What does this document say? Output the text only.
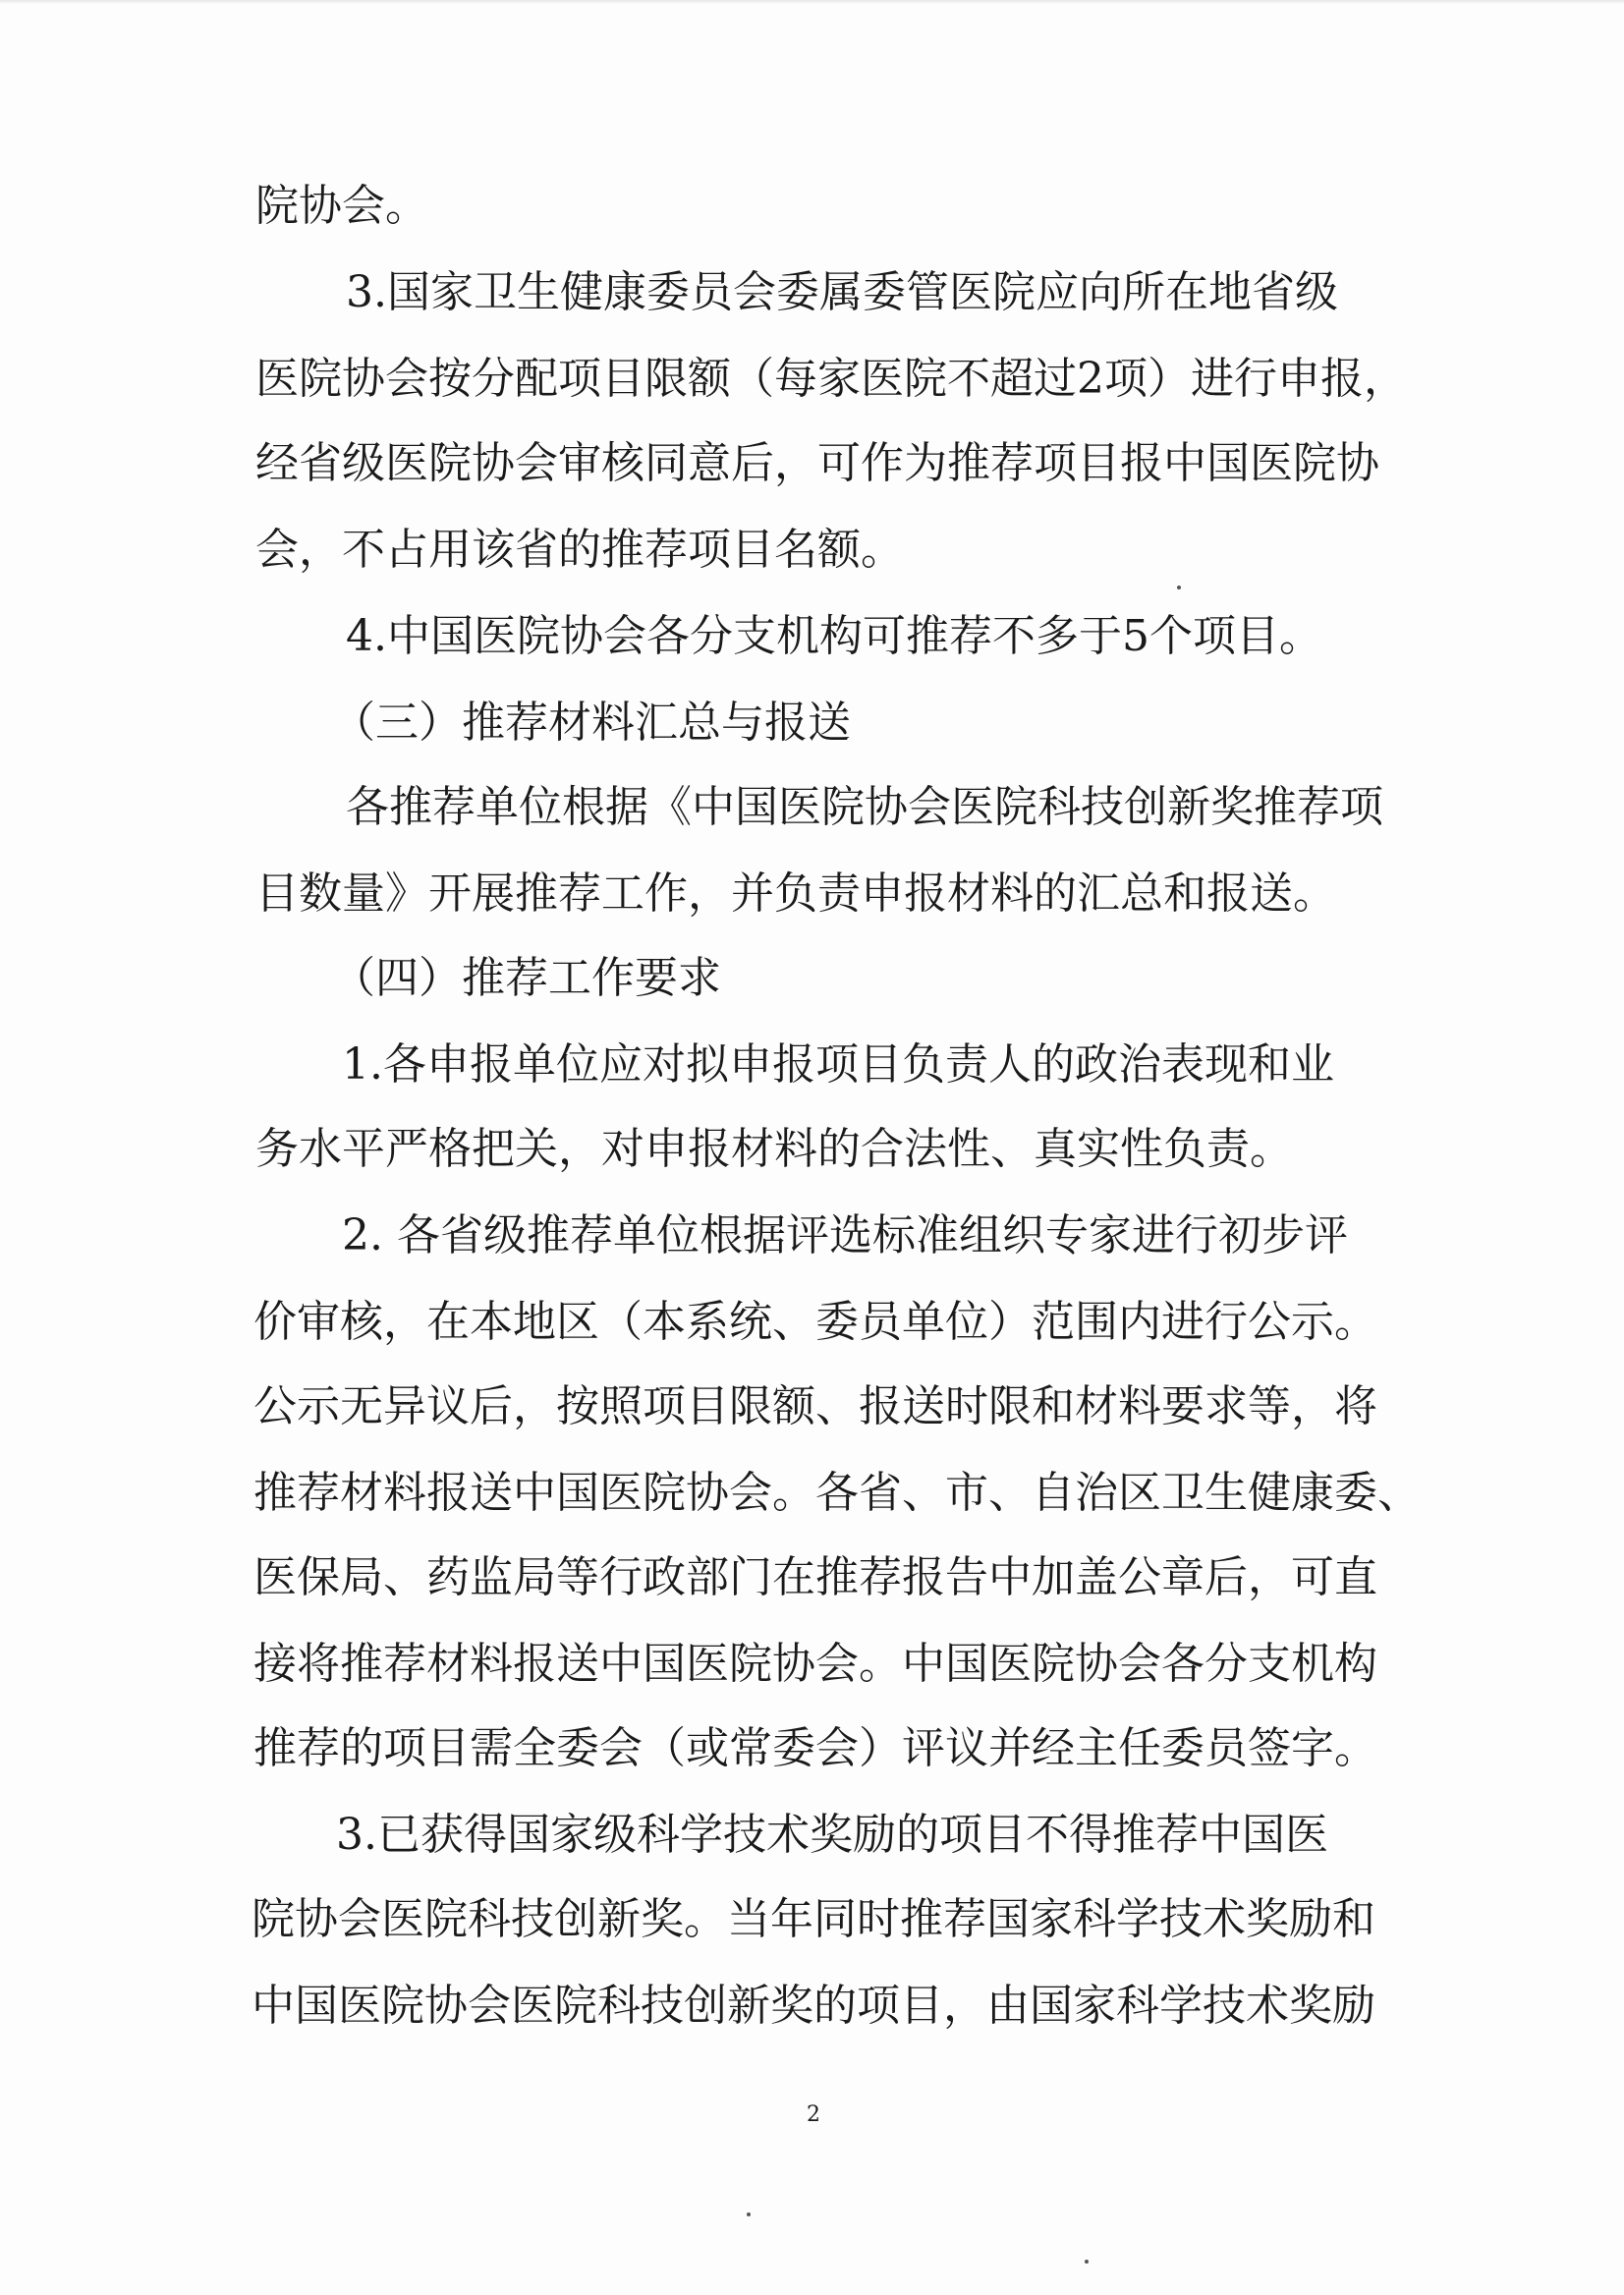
院协会。
3.国家卫生健康委员会委属委管医院应向所在地省级
医院协会按分配项目限额（每家医院不超过2项）进行申报，
经省级医院协会审核同意后，可作为推荐项目报中国医院协
会，不占用该省的推荐项目名额。
4.中国医院协会各分支机构可推荐不多于5个项目。
（三）推荐材料汇总与报送
各推荐单位根据《中国医院协会医院科技创新奖推荐项
目数量》开展推荐工作，并负责申报材料的汇总和报送。
（四）推荐工作要求
1.各申报单位应对拟申报项目负责人的政治表现和业
务水平严格把关，对申报材料的合法性、真实性负责。
2. 各省级推荐单位根据评选标准组织专家进行初步评
价审核，在本地区（本系统、委员单位）范围内进行公示。
公示无异议后，按照项目限额、报送时限和材料要求等，将
推荐材料报送中国医院协会。各省、市、自治区卫生健康委、
医保局、药监局等行政部门在推荐报告中加盖公章后，可直
接将推荐材料报送中国医院协会。中国医院协会各分支机构
推荐的项目需全委会（或常委会）评议并经主任委员签字。
3.已获得国家级科学技术奖励的项目不得推荐中国医
院协会医院科技创新奖。当年同时推荐国家科学技术奖励和
中国医院协会医院科技创新奖的项目，由国家科学技术奖励
2
